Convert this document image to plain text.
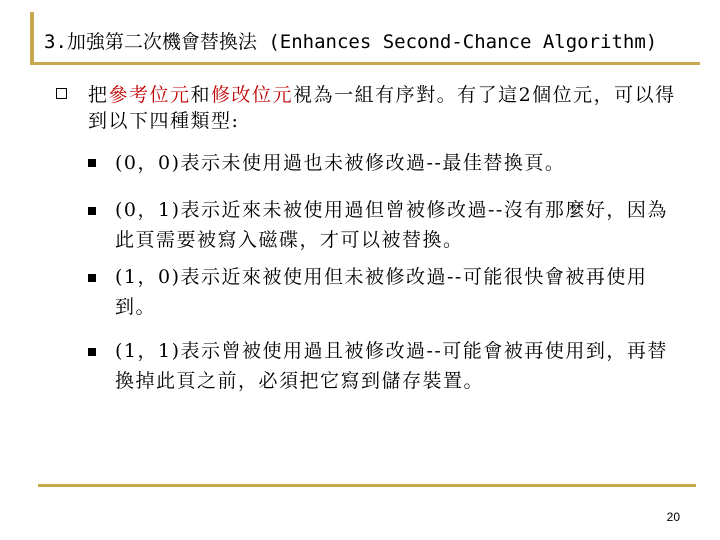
3.加強第二次機會替換法 (Enhances Second-Chance Algorithm)
把參考位元和修改位元視為一組有序對。有了這2個位元，可以得到以下四種類型:
(0，0)表示未使用過也未被修改過--最佳替換頁。
(0，1)表示近來未被使用過但曾被修改過--沒有那麼好，因為此頁需要被寫入磁碟，才可以被替換。
(1，0)表示近來被使用但未被修改過--可能很快會被再使用到。
(1，1)表示曾被使用過且被修改過--可能會被再使用到，再替換掉此頁之前，必須把它寫到儲存裝置。
20
